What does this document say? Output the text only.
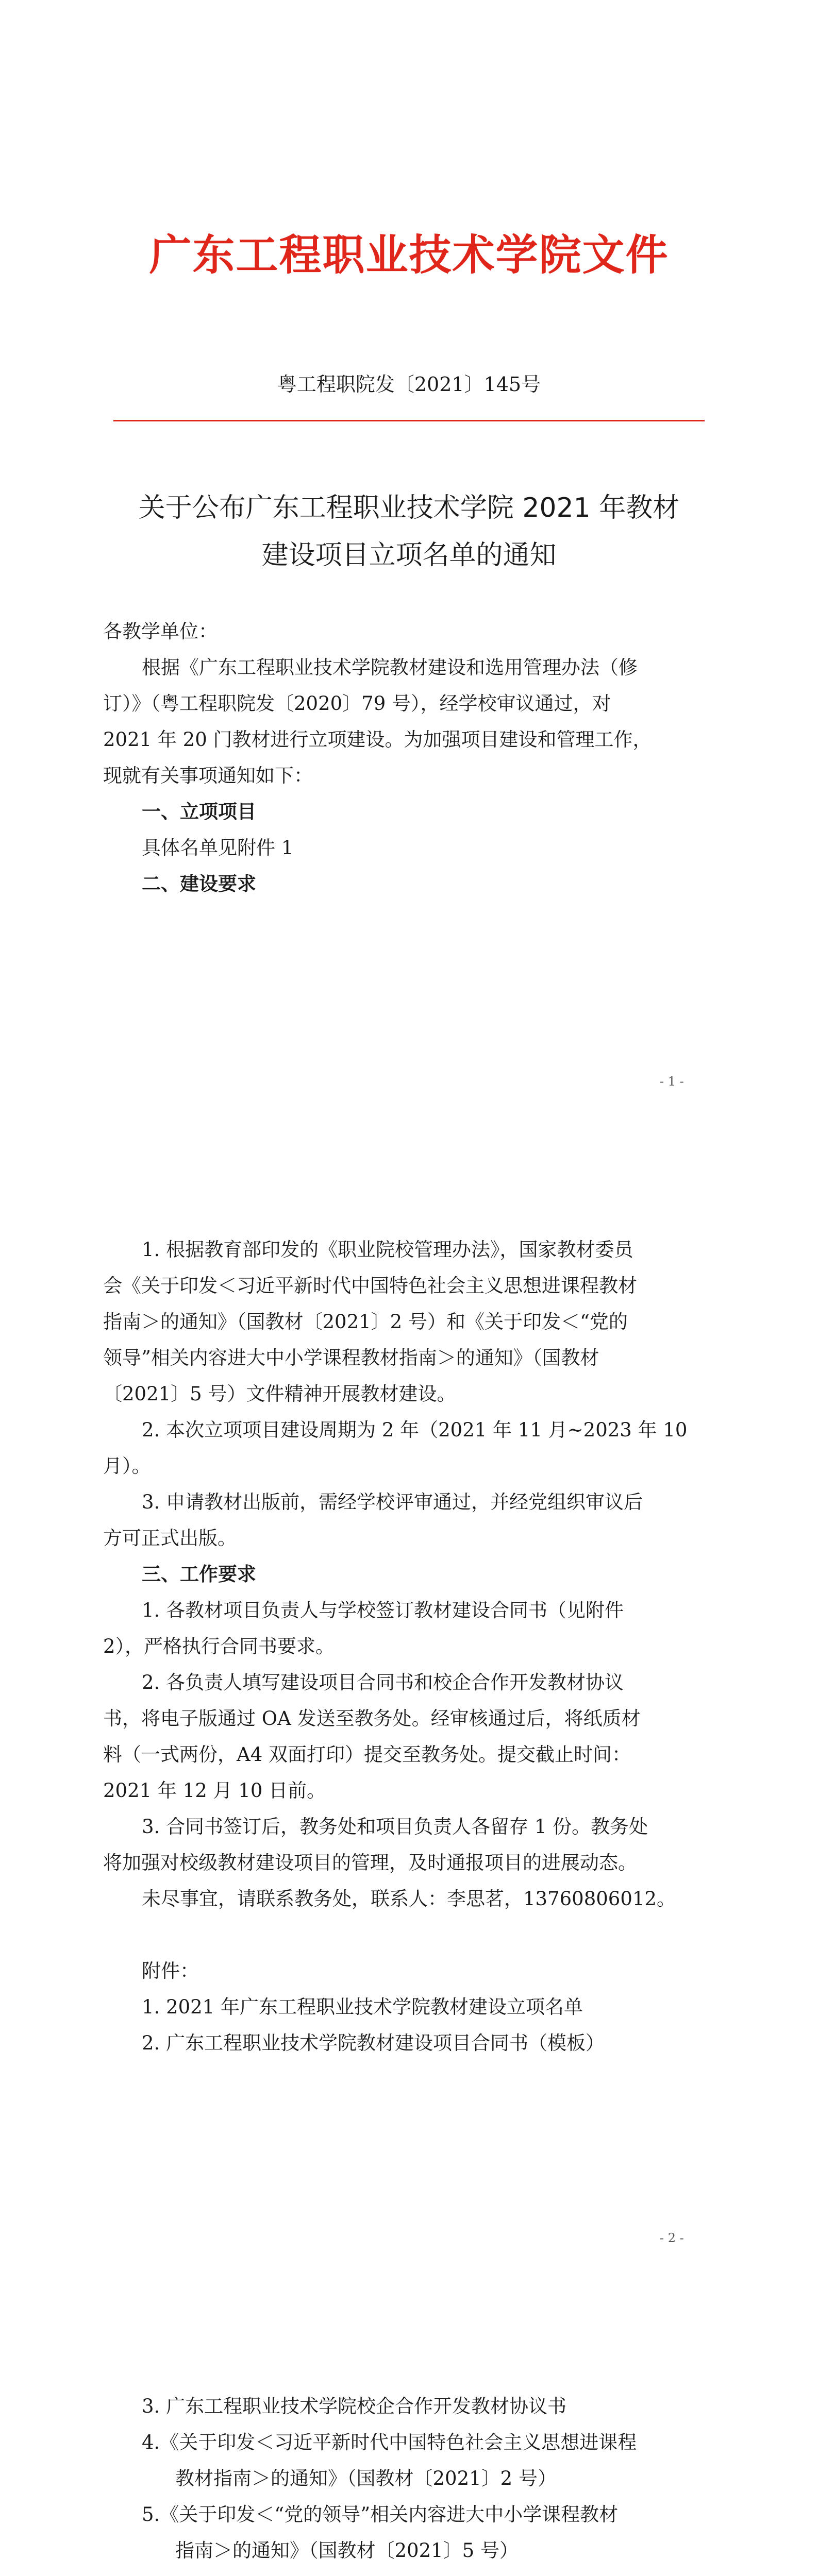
广东工程职业技术学院文件
粤工程职院发〔2021〕145号
关于公布广东工程职业技术学院 2021 年教材
建设项目立项名单的通知
各教学单位：
根据《广东工程职业技术学院教材建设和选用管理办法（修
订）》（粤工程职院发〔2020〕79 号），经学校审议通过，对
2021 年 20 门教材进行立项建设。为加强项目建设和管理工作，
现就有关事项通知如下：
一、立项项目
具体名单见附件 1
二、建设要求
- 1 -
1. 根据教育部印发的《职业院校管理办法》，国家教材委员
会《关于印发＜习近平新时代中国特色社会主义思想进课程教材
指南＞的通知》（国教材〔2021〕2 号）和《关于印发＜“党的
领导”相关内容进大中小学课程教材指南＞的通知》（国教材
〔2021〕5 号）文件精神开展教材建设。
2. 本次立项项目建设周期为 2 年（2021 年 11 月~2023 年 10
月）。
3. 申请教材出版前，需经学校评审通过，并经党组织审议后
方可正式出版。
三、工作要求
1. 各教材项目负责人与学校签订教材建设合同书（见附件
2），严格执行合同书要求。
2. 各负责人填写建设项目合同书和校企合作开发教材协议
书，将电子版通过 OA 发送至教务处。经审核通过后，将纸质材
料（一式两份，A4 双面打印）提交至教务处。提交截止时间：
2021 年 12 月 10 日前。
3. 合同书签订后，教务处和项目负责人各留存 1 份。教务处
将加强对校级教材建设项目的管理，及时通报项目的进展动态。
未尽事宜，请联系教务处，联系人：李思茗，13760806012。
附件：
1. 2021 年广东工程职业技术学院教材建设立项名单
2. 广东工程职业技术学院教材建设项目合同书（模板）
- 2 -
3. 广东工程职业技术学院校企合作开发教材协议书
4.《关于印发＜习近平新时代中国特色社会主义思想进课程
教材指南＞的通知》（国教材〔2021〕2 号）
5.《关于印发＜“党的领导”相关内容进大中小学课程教材
指南＞的通知》（国教材〔2021〕5 号）
